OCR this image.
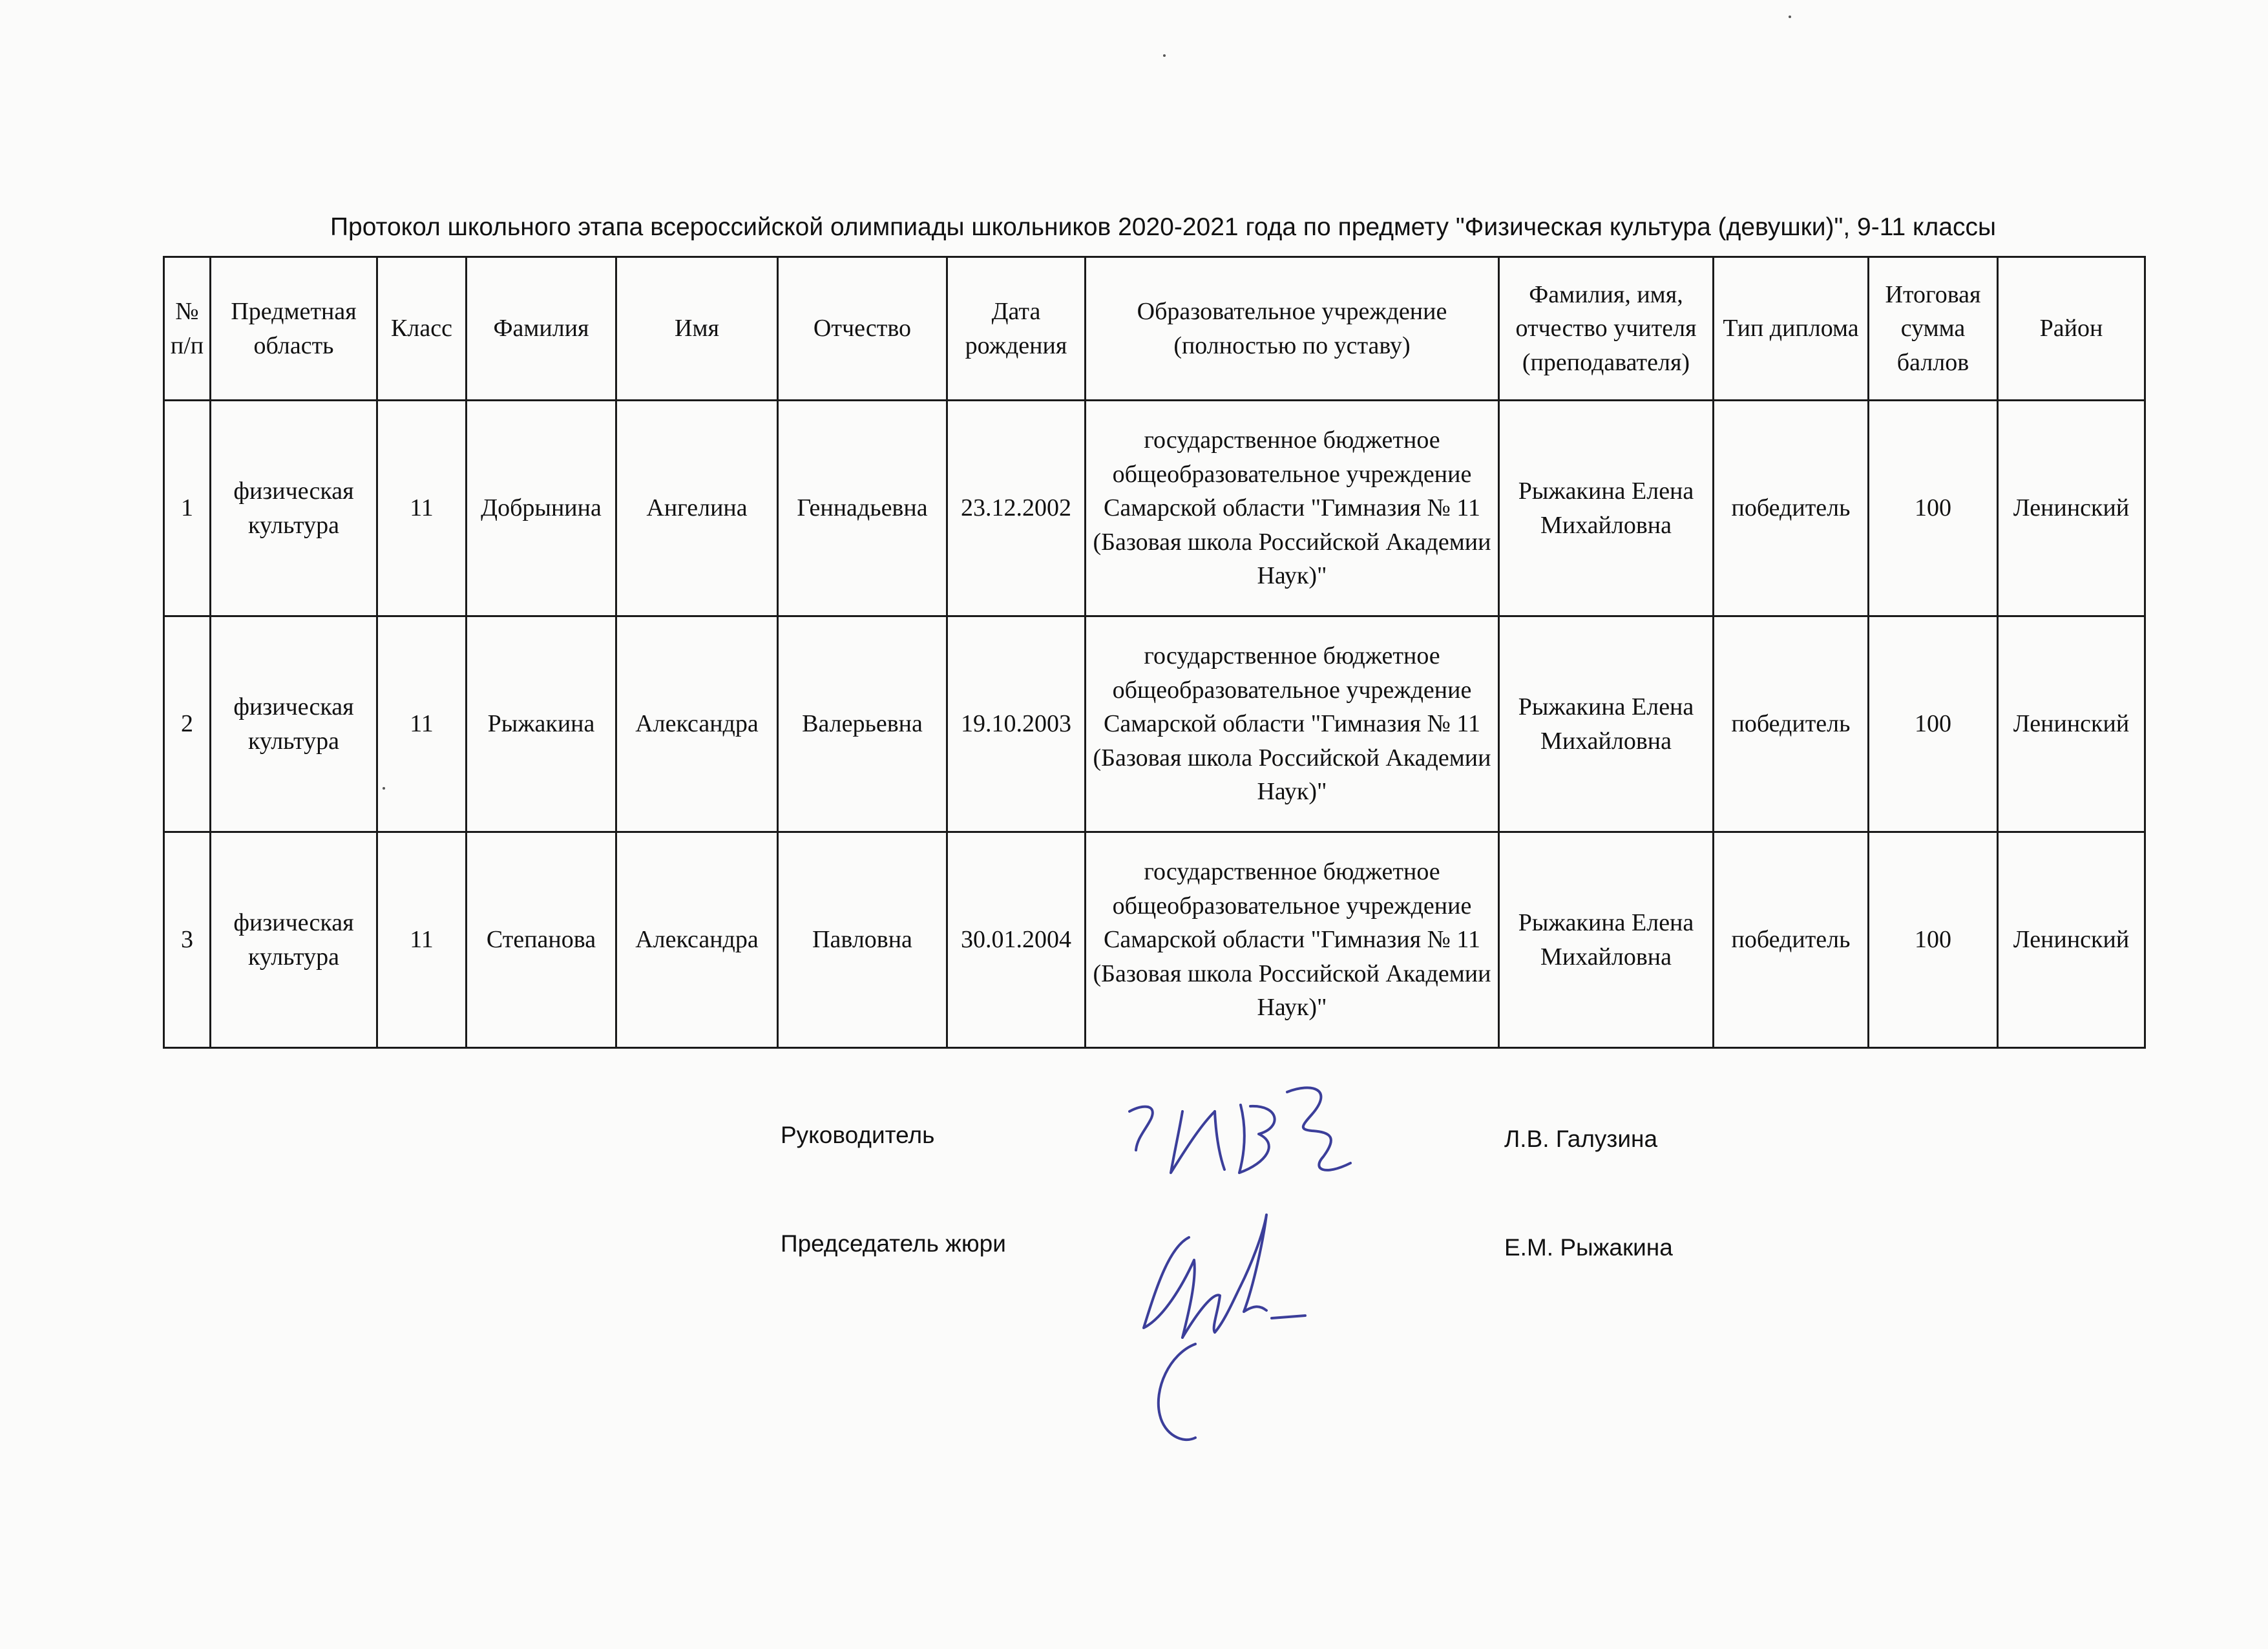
Протокол школьного этапа всероссийской олимпиады школьников 2020-2021 года по предмету "Физическая культура (девушки)", 9-11 классы
№ п/п	Предметная область	Класс	Фамилия	Имя	Отчество	Дата рождения	Образовательное учреждение (полностью по уставу)	Фамилия, имя, отчество учителя (преподавателя)	Тип диплома	Итоговая сумма баллов	Район
1	физическая культура	11	Добрынина	Ангелина	Геннадьевна	23.12.2002	государственное бюджетное общеобразовательное учреждение Самарской области "Гимназия № 11 (Базовая школа Российской Академии Наук)"	Рыжакина Елена Михайловна	победитель	100	Ленинский
2	физическая культура	11	Рыжакина	Александра	Валерьевна	19.10.2003	государственное бюджетное общеобразовательное учреждение Самарской области "Гимназия № 11 (Базовая школа Российской Академии Наук)"	Рыжакина Елена Михайловна	победитель	100	Ленинский
3	физическая культура	11	Степанова	Александра	Павловна	30.01.2004	государственное бюджетное общеобразовательное учреждение Самарской области "Гимназия № 11 (Базовая школа Российской Академии Наук)"	Рыжакина Елена Михайловна	победитель	100	Ленинский
Руководитель	Л.В. Галузина
Председатель жюри	Е.М. Рыжакина
